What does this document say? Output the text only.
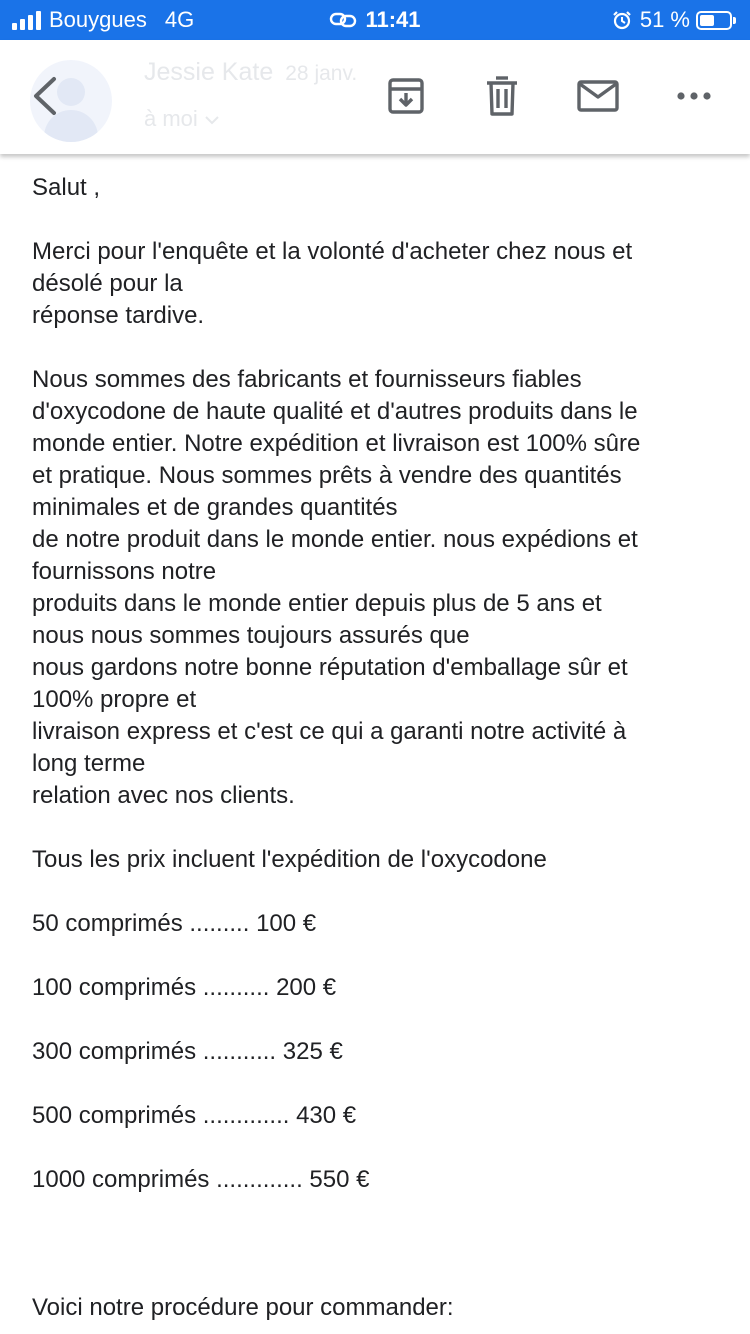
Bouygues 4G	11:41	51 %
Jessie Kate 28 janv.
à moi
Salut ,
Merci pour l'enquête et la volonté d'acheter chez nous et
désolé pour la
réponse tardive.
Nous sommes des fabricants et fournisseurs fiables
d'oxycodone de haute qualité et d'autres produits dans le
monde entier. Notre expédition et livraison est 100% sûre
et pratique. Nous sommes prêts à vendre des quantités
minimales et de grandes quantités
de notre produit dans le monde entier. nous expédions et
fournissons notre
produits dans le monde entier depuis plus de 5 ans et
nous nous sommes toujours assurés que
nous gardons notre bonne réputation d'emballage sûr et
100% propre et
livraison express et c'est ce qui a garanti notre activité à
long terme
relation avec nos clients.
Tous les prix incluent l'expédition de l'oxycodone
50 comprimés ......... 100 €
100 comprimés .......... 200 €
300 comprimés ........... 325 €
500 comprimés ............. 430 €
1000 comprimés ............. 550 €
Voici notre procédure pour commander:
